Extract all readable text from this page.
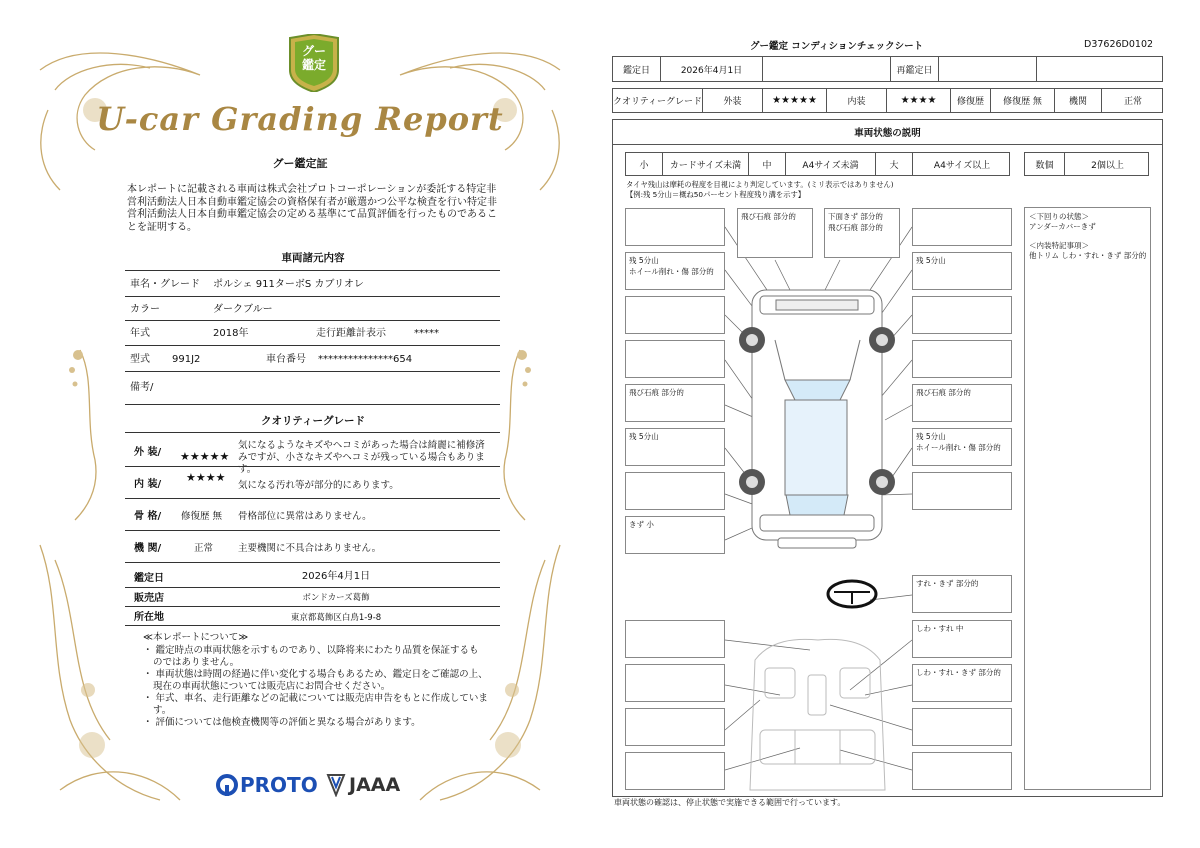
グー
鑑定
U-car Grading Report
グー鑑定証
本レポートに記載される車両は株式会社プロトコーポレーションが委託する特定非営利活動法人日本自動車鑑定協会の資格保有者が厳選かつ公平な検査を行い特定非営利活動法人日本自動車鑑定協会の定める基準にて品質評価を行ったものであることを証明する。
車両諸元内容
車名・グレード ポルシェ 911ターボS カブリオレ
カラー	ダークブルー
年式	2018年	走行距離計表示	*****
型式 991J2	車台番号 ***************654
備考/
クオリティーグレード
外 装/ ★★★★★
気になるようなキズやヘコミがあった場合は綺麗に補修済みですが、小さなキズやヘコミが残っている場合もあります。
内 装/
★★★★
気になる汚れ等が部分的にあります。
骨 格/ 修復歴 無 骨格部位に異常はありません。
機 関/	正常	主要機関に不具合はありません。
鑑定日	2026年4月1日
販売店	ボンドカーズ葛飾
所在地	東京都葛飾区白鳥1-9-8
≪本レポートについて≫
・ 鑑定時点の車両状態を示すものであり、以降将来にわたり品質を保証するものではありません。
・ 車両状態は時間の経過に伴い変化する場合もあるため、鑑定日をご確認の上、現在の車両状態については販売店にお問合せください。
・ 年式、車名、走行距離などの記載については販売店申告をもとに作成しています。
・ 評価については他検査機関等の評価と異なる場合があります。
PROTO JAAA
グー鑑定 コンディションチェックシート	D37626D0102
鑑定日	2026年4月1日	再鑑定日
クオリティーグレード	外装	★★★★★	内装	★★★★	修復歴	修復歴 無	機関	正常
車両状態の説明
小	カードサイズ未満	中	A4サイズ未満	大	A4サイズ以上	数個	2個以上
タイヤ残山は摩耗の程度を目視により判定しています。(ミリ表示ではありません)
【例:残 5分山＝概ね50パーセント程度残り溝を示す】
＜下回りの状態＞
アンダーカバーきず
＜内装特記事項＞
他トリム しわ・すれ・きず 部分的
残 5分山
ホイール削れ・傷 部分的
飛び石痕 部分的
残 5分山
きず 小
飛び石痕 部分的	下面きず 部分的
飛び石痕 部分的
残 5分山
飛び石痕 部分的
残 5分山
ホイール削れ・傷 部分的
すれ・きず 部分的
しわ・すれ 中
しわ・すれ・きず 部分的
車両状態の確認は、停止状態で実施できる範囲で行っています。
